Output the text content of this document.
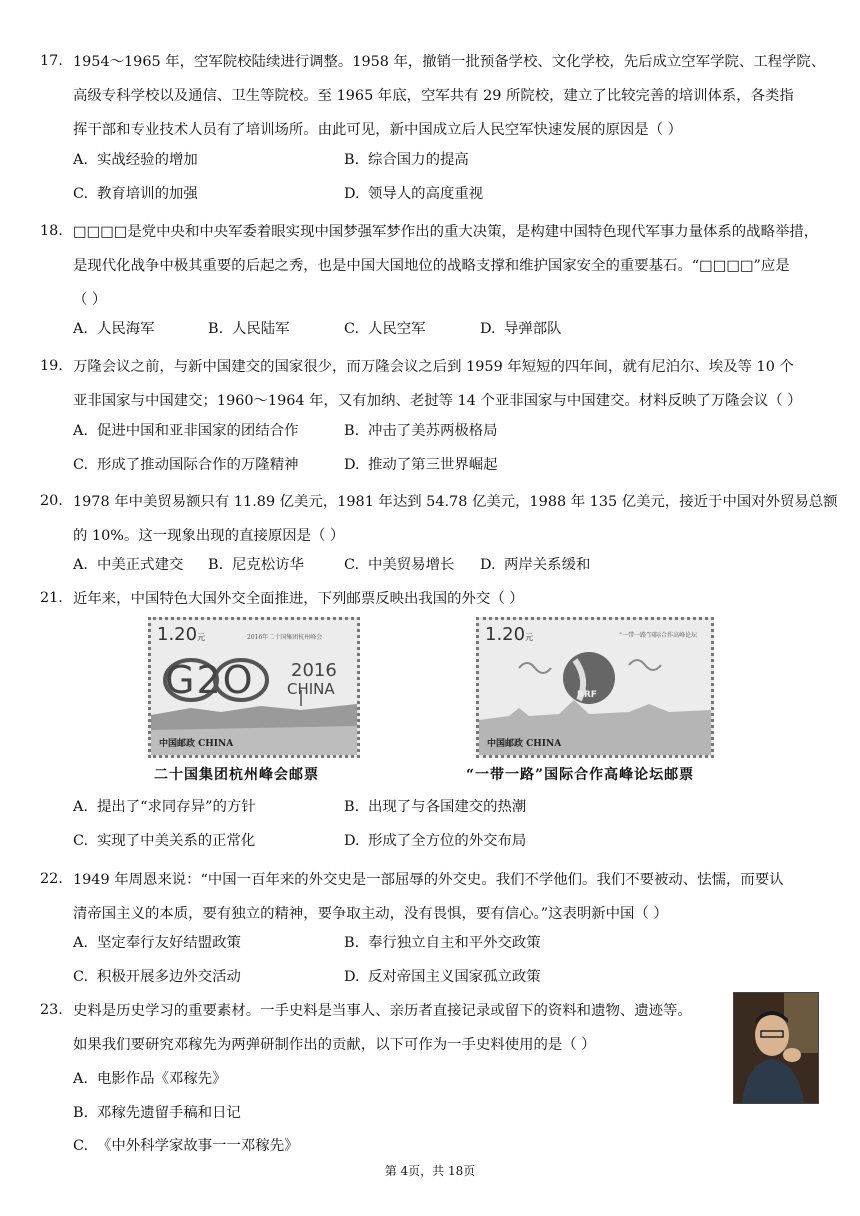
17. 1954～1965 年，空军院校陆续进行调整。1958 年，撤销一批预备学校、文化学校，先后成立空军学院、工程学院、
高级专科学校以及通信、卫生等院校。至 1965 年底，空军共有 29 所院校，建立了比较完善的培训体系，各类指
挥干部和专业技术人员有了培训场所。由此可见，新中国成立后人民空军快速发展的原因是（ ）
A. 实战经验的增加	B. 综合国力的提高
C. 教育培训的加强	D. 领导人的高度重视
18. □□□□是党中央和中央军委着眼实现中国梦强军梦作出的重大决策，是构建中国特色现代军事力量体系的战略举措，
是现代化战争中极其重要的后起之秀，也是中国大国地位的战略支撑和维护国家安全的重要基石。“□□□□”应是
（ ）
A. 人民海军	B. 人民陆军	C. 人民空军	D. 导弹部队
19. 万隆会议之前，与新中国建交的国家很少，而万隆会议之后到 1959 年短短的四年间，就有尼泊尔、埃及等 10 个
亚非国家与中国建交；1960～1964 年，又有加纳、老挝等 14 个亚非国家与中国建交。材料反映了万隆会议（ ）
A. 促进中国和亚非国家的团结合作	B. 冲击了美苏两极格局
C. 形成了推动国际合作的万隆精神	D. 推动了第三世界崛起
20. 1978 年中美贸易额只有 11.89 亿美元，1981 年达到 54.78 亿美元，1988 年 135 亿美元，接近于中国对外贸易总额
的 10%。这一现象出现的直接原因是（ ）
A. 中美正式建交 B. 尼克松访华	C. 中美贸易增长 D. 两岸关系缓和
21. 近年来，中国特色大国外交全面推进，下列邮票反映出我国的外交（ ）
A. 提出了“求同存异”的方针	B. 出现了与各国建交的热潮
C. 实现了中美关系的正常化	D. 形成了全方位的外交布局
1.20元	2016年二十国集团杭州峰会
G2O 2016
CHINA
中国邮政 CHINA
二十国集团杭州峰会邮票
1.20元	“一带一路”国际合作高峰论坛
BRF
中国邮政 CHINA
“一带一路”国际合作高峰论坛邮票
22. 1949 年周恩来说：“中国一百年来的外交史是一部屈辱的外交史。我们不学他们。我们不要被动、怯懦，而要认
清帝国主义的本质，要有独立的精神，要争取主动，没有畏惧，要有信心。”这表明新中国（ ）
A. 坚定奉行友好结盟政策	B. 奉行独立自主和平外交政策
C. 积极开展多边外交活动	D. 反对帝国主义国家孤立政策
23. 史料是历史学习的重要素材。一手史料是当事人、亲历者直接记录或留下的资料和遗物、遗迹等。
如果我们要研究邓稼先为两弹研制作出的贡献，以下可作为一手史料使用的是（ ）
A. 电影作品《邓稼先》
B. 邓稼先遗留手稿和日记
C. 《中外科学家故事一一邓稼先》
第 4页，共 18页
